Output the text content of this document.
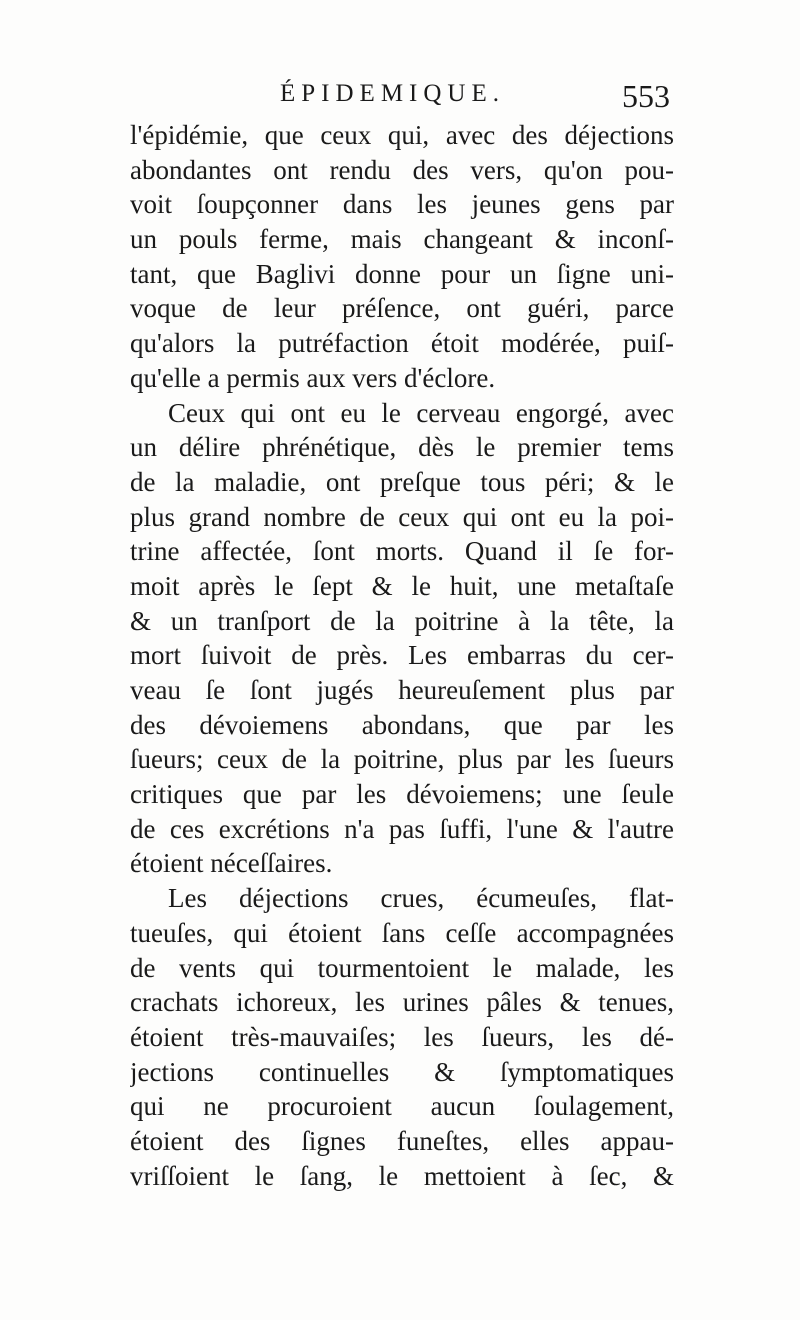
ÉPIDEMIQUE.	553
l'épidémie, que ceux qui, avec des déjections
abondantes ont rendu des vers, qu'on pou-
voit ſoupçonner dans les jeunes gens par
un pouls ferme, mais changeant & inconſ-
tant, que Baglivi donne pour un ſigne uni-
voque de leur préſence, ont guéri, parce
qu'alors la putréfaction étoit modérée, puiſ-
qu'elle a permis aux vers d'éclore.
Ceux qui ont eu le cerveau engorgé, avec
un délire phrénétique, dès le premier tems
de la maladie, ont preſque tous péri; & le
plus grand nombre de ceux qui ont eu la poi-
trine affectée, ſont morts. Quand il ſe for-
moit après le ſept & le huit, une metaſtaſe
& un tranſport de la poitrine à la tête, la
mort ſuivoit de près. Les embarras du cer-
veau ſe ſont jugés heureuſement plus par
des dévoiemens abondans, que par les
ſueurs; ceux de la poitrine, plus par les ſueurs
critiques que par les dévoiemens; une ſeule
de ces excrétions n'a pas ſuffi, l'une & l'autre
étoient néceſſaires.
Les déjections crues, écumeuſes, flat-
tueuſes, qui étoient ſans ceſſe accompagnées
de vents qui tourmentoient le malade, les
crachats ichoreux, les urines pâles & tenues,
étoient très-mauvaiſes; les ſueurs, les dé-
jections continuelles & ſymptomatiques
qui ne procuroient aucun ſoulagement,
étoient des ſignes funeſtes, elles appau-
vriſſoient le ſang, le mettoient à ſec, &
